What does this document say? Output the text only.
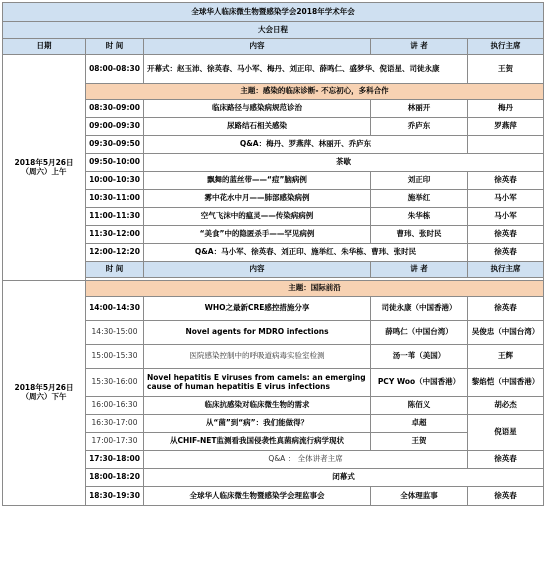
全球华人临床微生物暨感染学会2018年学术年会				
大会日程				
日期	时 间	内容	讲 者	执行主席

2018年5月26日
（周六）上午	08:00-08:30	开幕式：赵玉沛、徐英春、马小军、梅丹、刘正印、薛鸣仁、盛梦华、倪语星、司徒永康		王贺
	主题：感染的临床诊断- 不忘初心，多科合作			
	08:30-09:00	临床路径与感染病规范诊治	林丽开	梅丹
	09:00-09:30	尿路结石相关感染	乔庐东	罗燕萍
	09:30-09:50	Q&A：梅丹、罗燕萍、林丽开、乔庐东		
	09:50-10:00	茶歇		
	10:00-10:30	飘舞的蓝丝带——“痘”脑病例	刘正印	徐英春
	10:30-11:00	雾中花水中月——肺部感染病例	施举红	马小军
	11:00-11:30	空气飞沫中的瘟灵——传染病病例	朱华栋	马小军
	11:30-12:00	“美食”中的隐匿杀手——罕见病例	曹玮、张时民	徐英春
	12:00-12:20	Q&A：马小军、徐英春、刘正印、施举红、朱华栋、曹玮、张时民		徐英春
	时 间	内容	讲 者	执行主席

2018年5月26日
（周六）下午	主题：国际前沿			
	14:00-14:30	WHO之最新CRE感控措施分享	司徒永康（中国香港）	徐英春
	14:30-15:00	Novel agents for MDRO infections	薛鸣仁（中国台湾）	吴俊忠（中国台湾）
	15:00-15:30	医院感染控制中的呼吸道病毒实验室检测	汤一苇（美国）	王辉
	15:30-16:00	Novel hepatitis E viruses from camels: an emerging cause of human hepatitis E virus infections	PCY Woo（中国香港）	黎焰恺（中国香港）
	16:00-16:30	临床抗感染对临床微生物的需求	陈佰义	胡必杰
	16:30-17:00	从“菌”到“病”：我们能做得？	卓超	倪语星
	17:00-17:30	从CHIF-NET监测看我国侵袭性真菌病流行病学现状	王贺	
	17:30-18:00	Q&A ： 全体讲者主席		徐英春
	18:00-18:20	闭幕式		
	18:30-19:30	全球华人临床微生物暨感染学会理监事会	全体理监事	徐英春
